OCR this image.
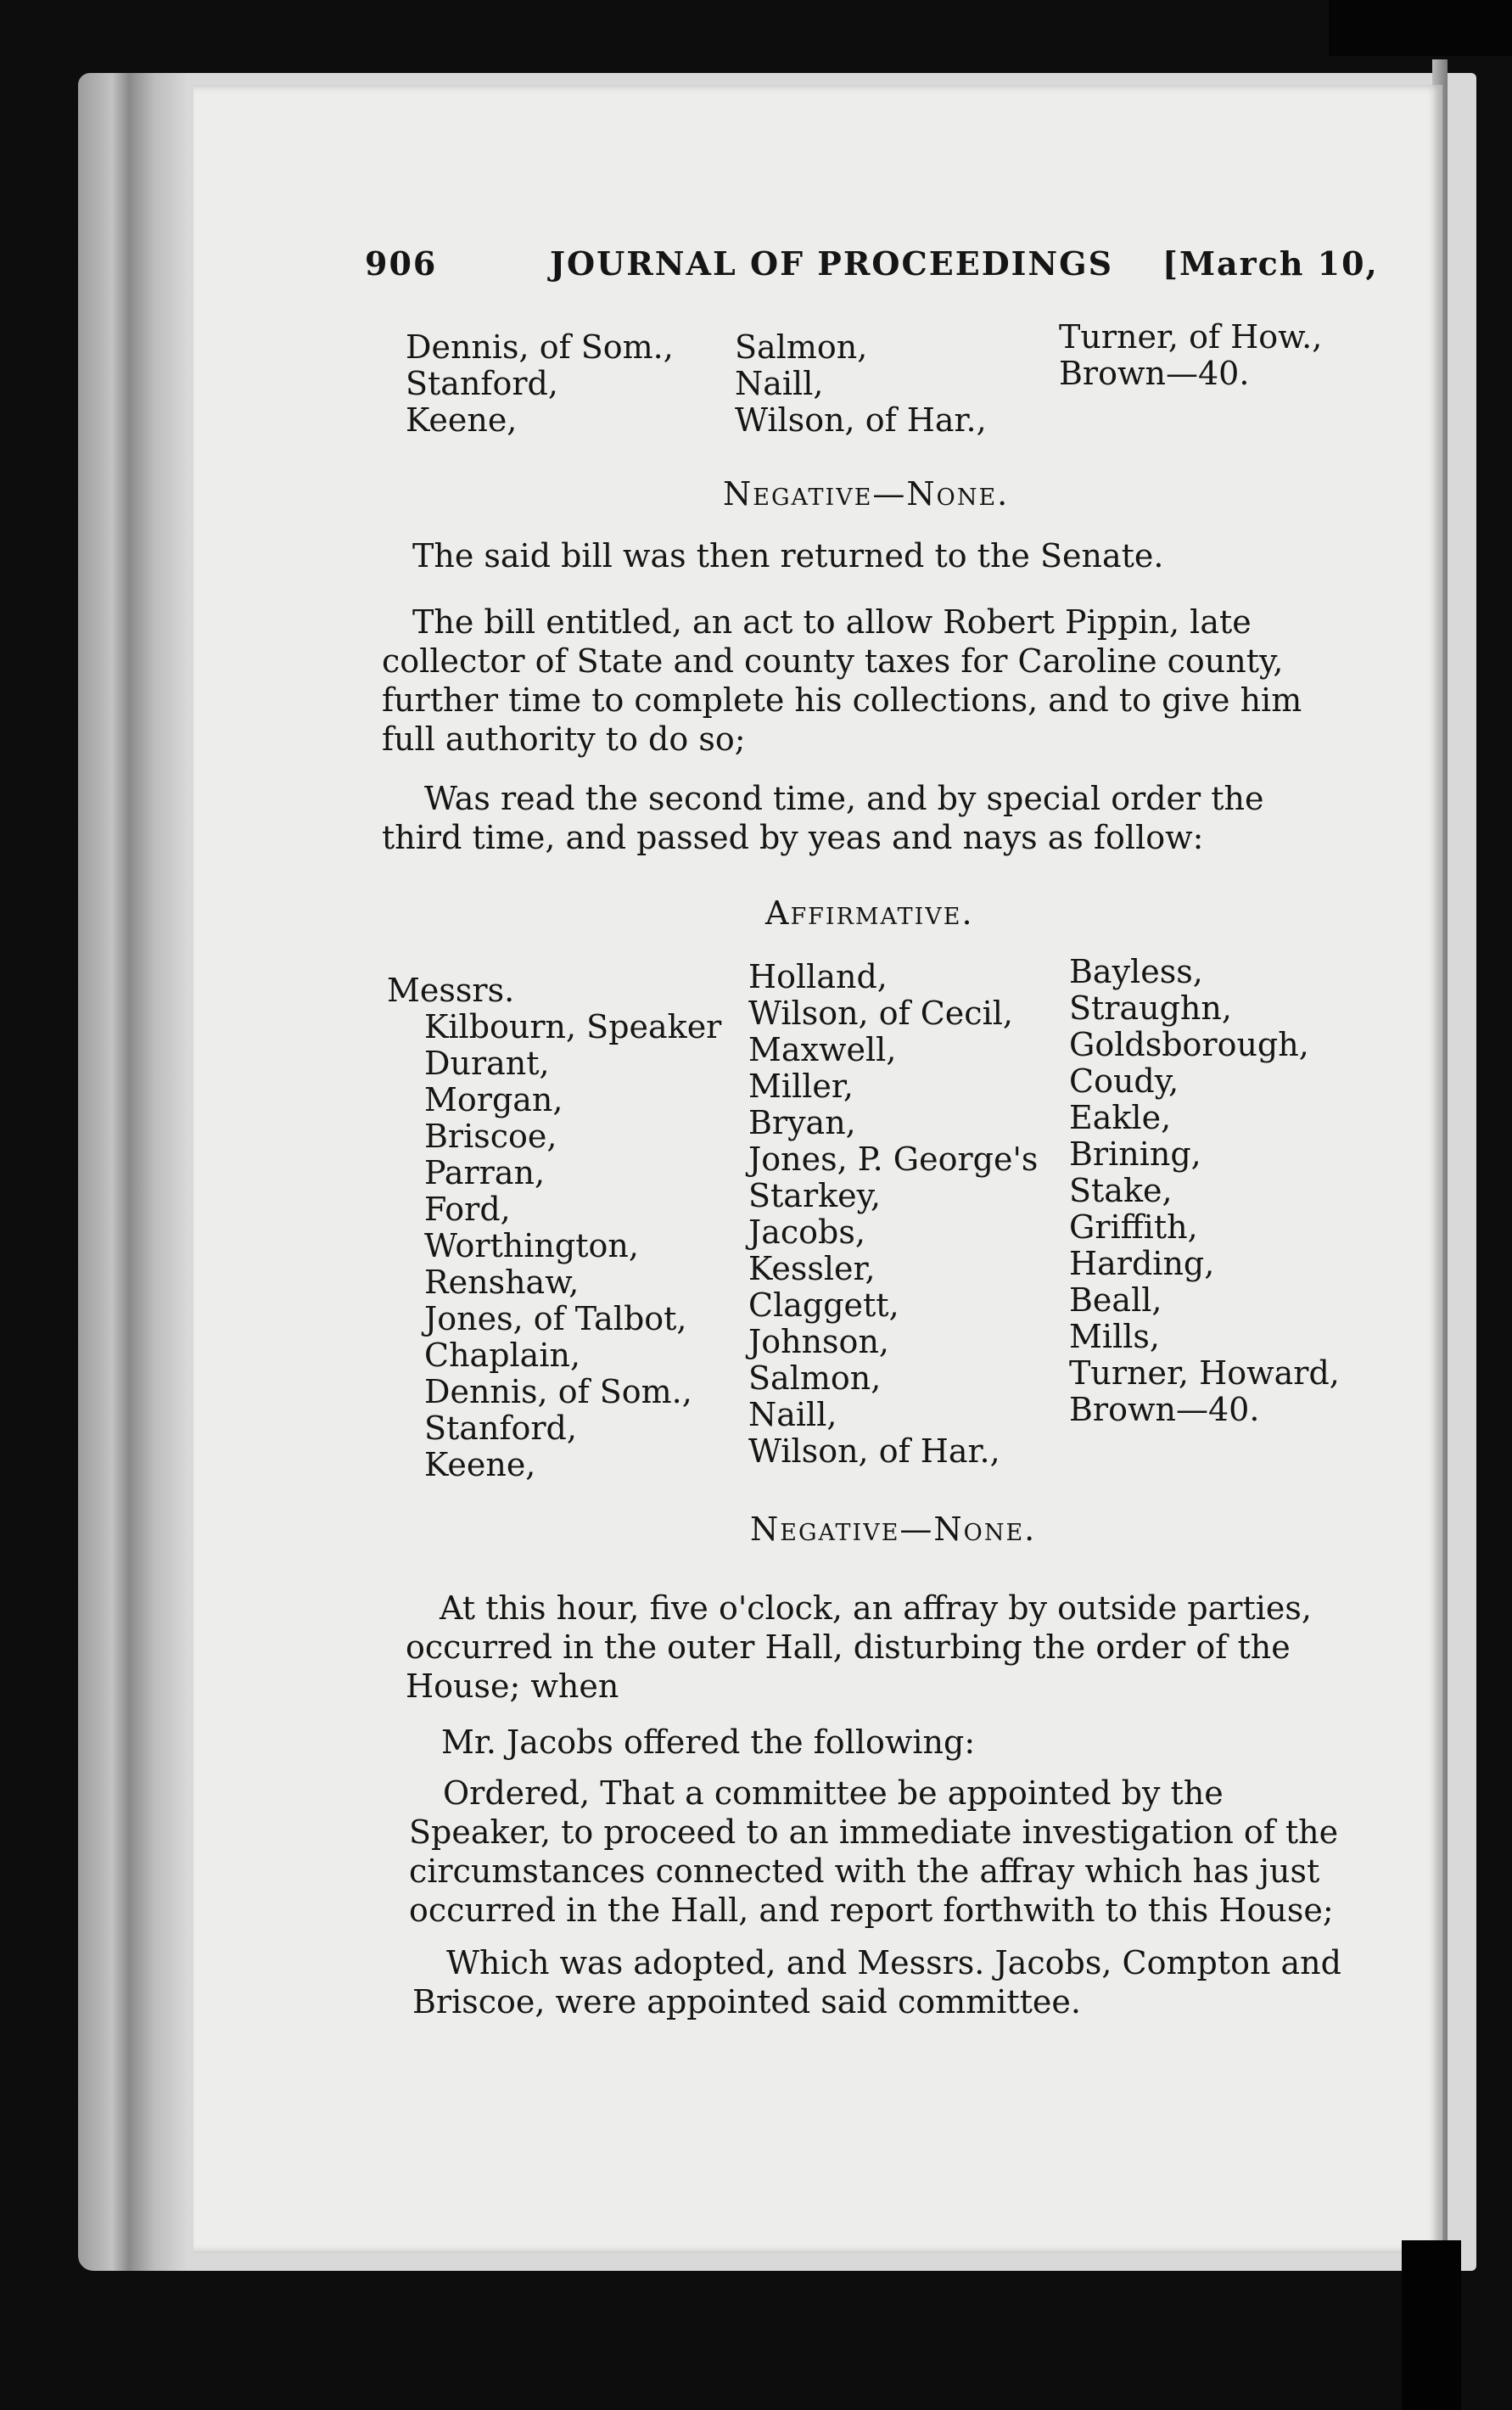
906	JOURNAL OF PROCEEDINGS [March 10,
Dennis, of Som.,
Stanford,
Keene,
Salmon,
Naill,
Wilson, of Har.,
Turner, of How.,
Brown—40.
Negative—None.
The said bill was then returned to the Senate.
The bill entitled, an act to allow Robert Pippin, late collector of State and county taxes for Caroline county, further time to complete his collections, and to give him full authority to do so;
Was read the second time, and by special order the third time, and passed by yeas and nays as follow:
Affirmative.
Messrs.
Kilbourn, Speaker
Durant,
Morgan,
Briscoe,
Parran,
Ford,
Worthington,
Renshaw,
Jones, of Talbot,
Chaplain,
Dennis, of Som.,
Stanford,
Keene,
Holland,
Wilson, of Cecil,
Maxwell,
Miller,
Bryan,
Jones, P. George's
Starkey,
Jacobs,
Kessler,
Claggett,
Johnson,
Salmon,
Naill,
Wilson, of Har.,
Bayless,
Straughn,
Goldsborough,
Coudy,
Eakle,
Brining,
Stake,
Griffith,
Harding,
Beall,
Mills,
Turner, Howard,
Brown—40.
Negative—None.
At this hour, five o'clock, an affray by outside parties, occurred in the outer Hall, disturbing the order of the House; when
Mr. Jacobs offered the following:
Ordered, That a committee be appointed by the Speaker, to proceed to an immediate investigation of the circumstances connected with the affray which has just occurred in the Hall, and report forthwith to this House;
Which was adopted, and Messrs. Jacobs, Compton and Briscoe, were appointed said committee.
